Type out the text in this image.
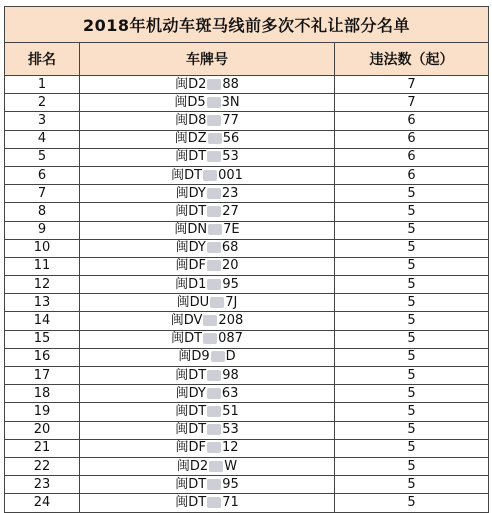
2018年机动车斑马线前多次不礼让部分名单		
排名	车牌号	违法数（起）
1	闽D2 88	7
2	闽D5 3N	7
3	闽D8 77	6
4	闽DZ 56	6
5	闽DT 53	6
6	闽DT 001	6
7	闽DY 23	5
8	闽DT 27	5
9	闽DN 7E	5
10	闽DY 68	5
11	闽DF 20	5
12	闽D1 95	5
13	闽DU 7J	5
14	闽DV 208	5
15	闽DT 087	5
16	闽D9 D	5
17	闽DT 98	5
18	闽DY 63	5
19	闽DT 51	5
20	闽DT 53	5
21	闽DF 12	5
22	闽D2 W	5
23	闽DT 95	5
24	闽DT 71	5
